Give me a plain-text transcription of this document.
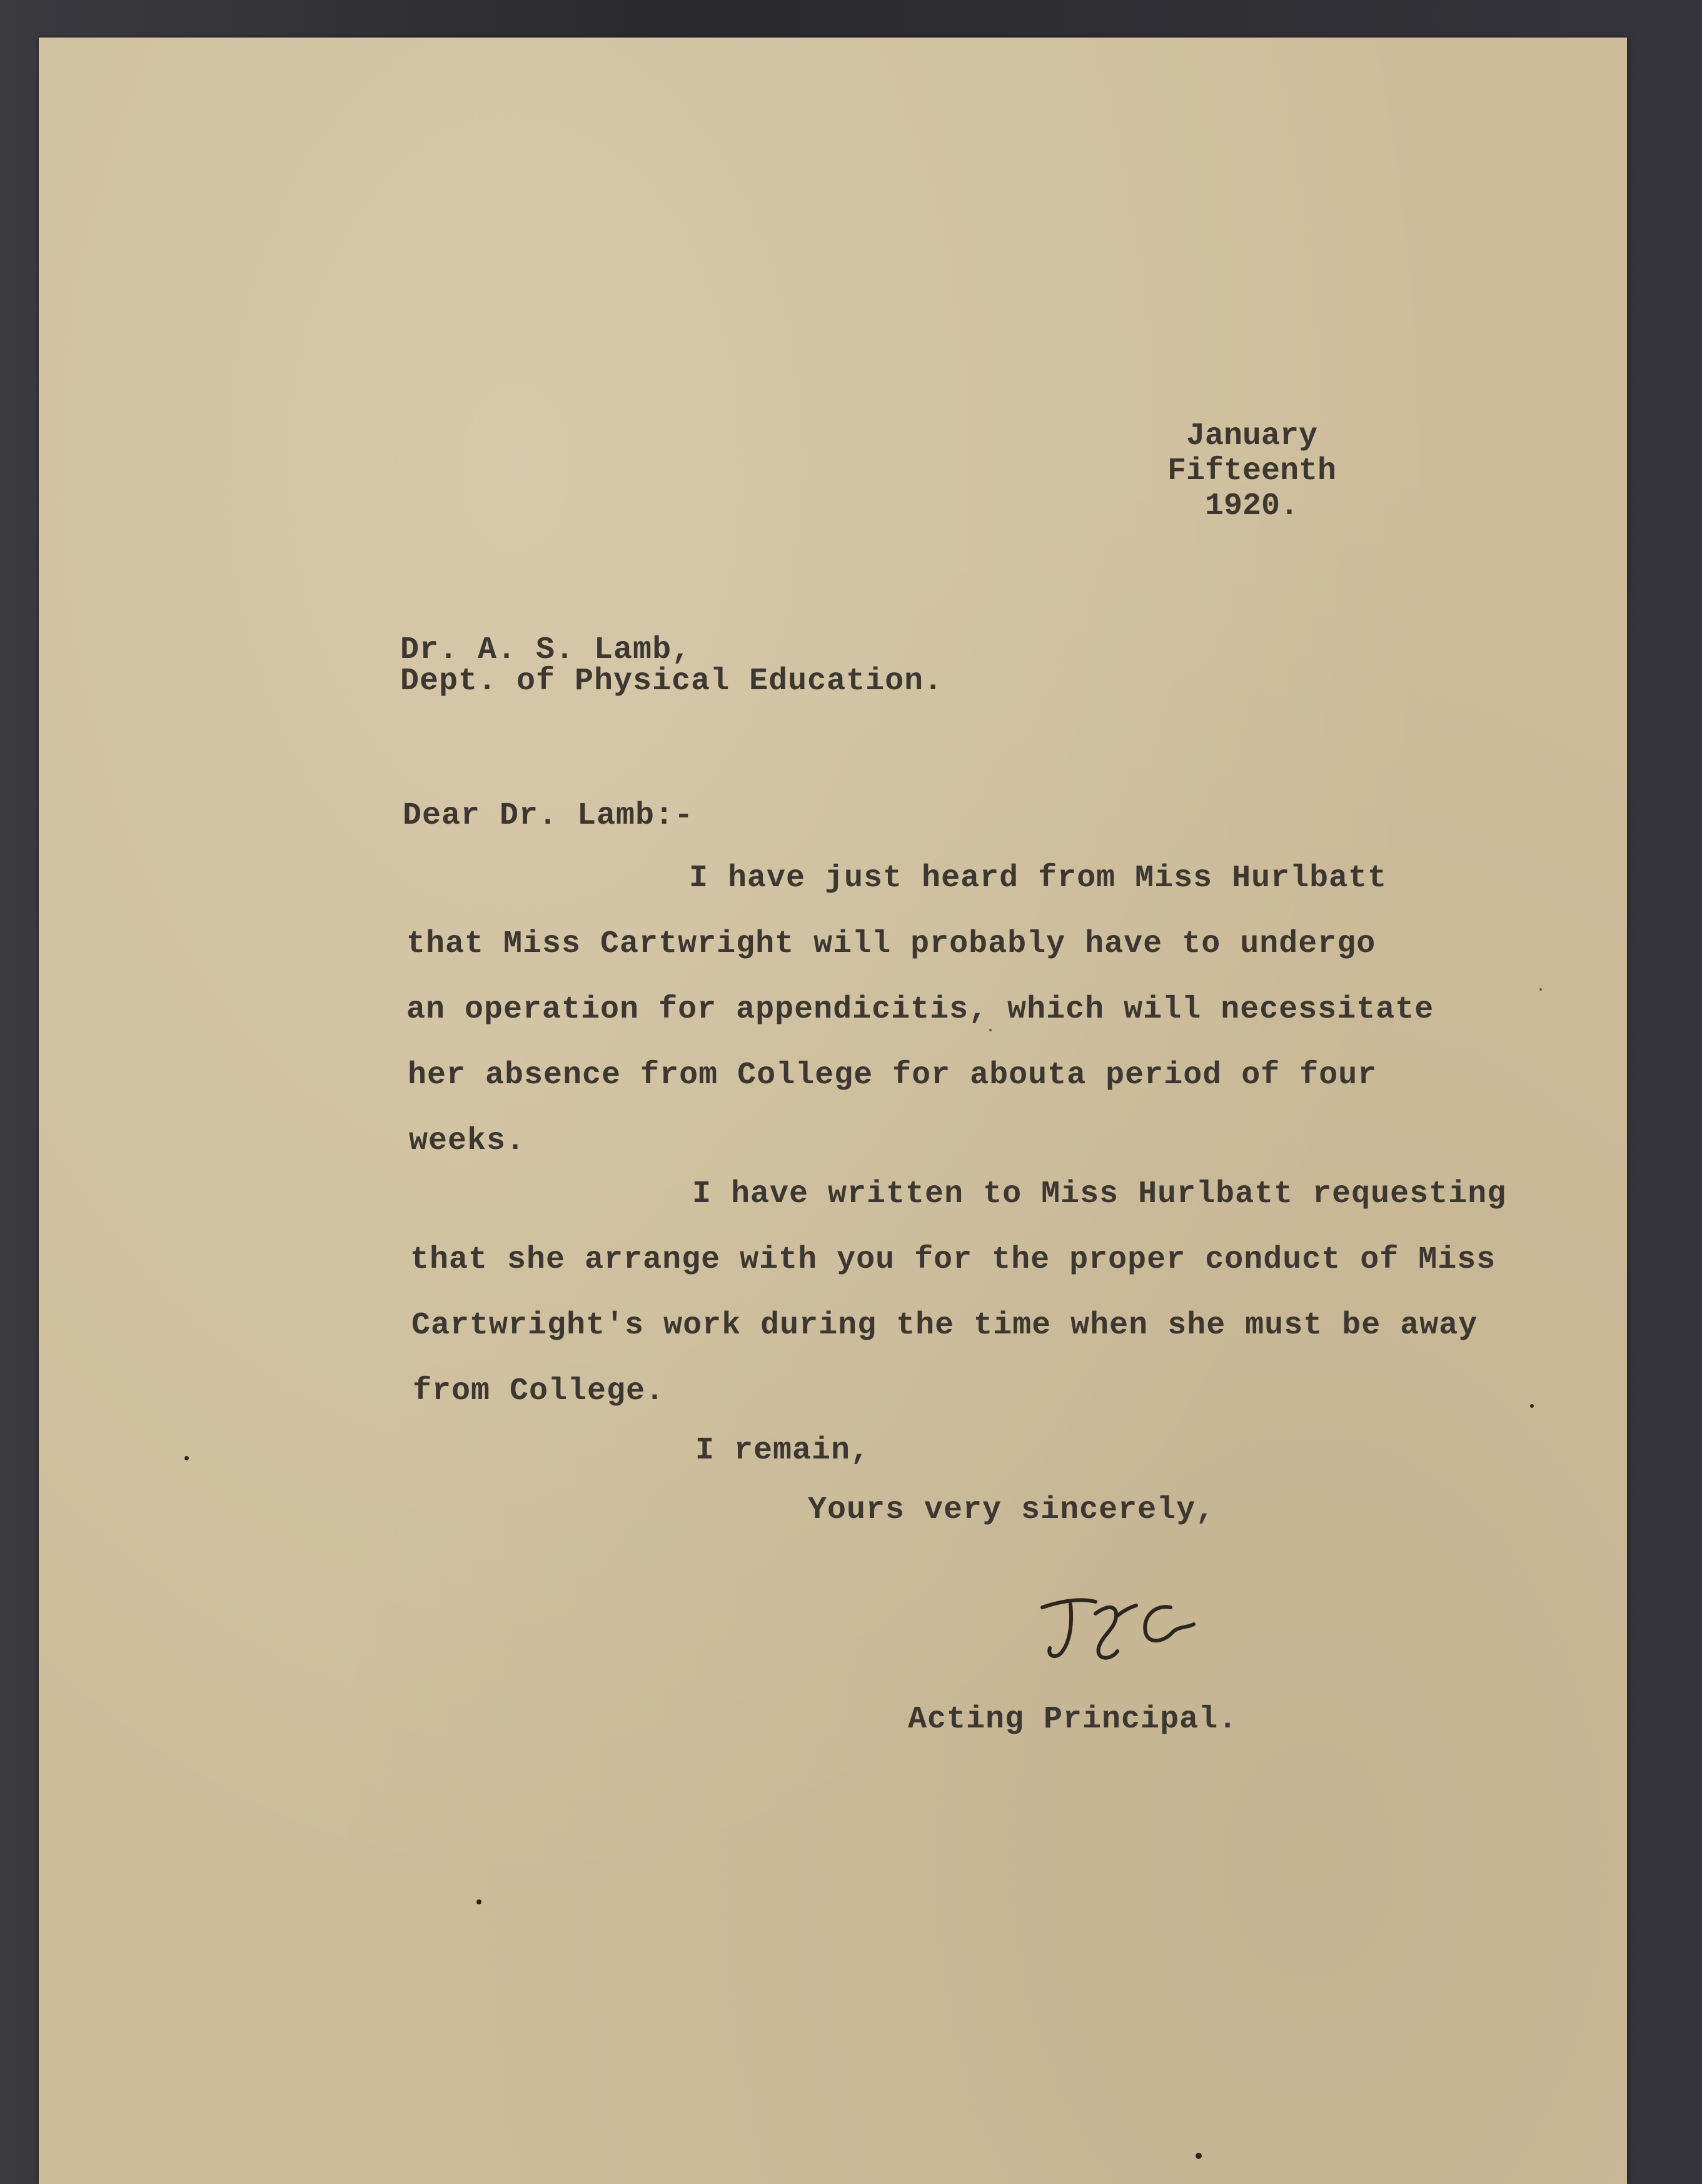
January
Fifteenth
1920.
Dr. A. S. Lamb,
Dept. of Physical Education.
Dear Dr. Lamb:-
I have just heard from Miss Hurlbatt
that Miss Cartwright will probably have to undergo
an operation for appendicitis, which will necessitate
her absence from College for abouta period of four
weeks.
I have written to Miss Hurlbatt requesting
that she arrange with you for the proper conduct of Miss
Cartwright's work during the time when she must be away
from College.
I remain,
Yours very sincerely,
Acting Principal.
